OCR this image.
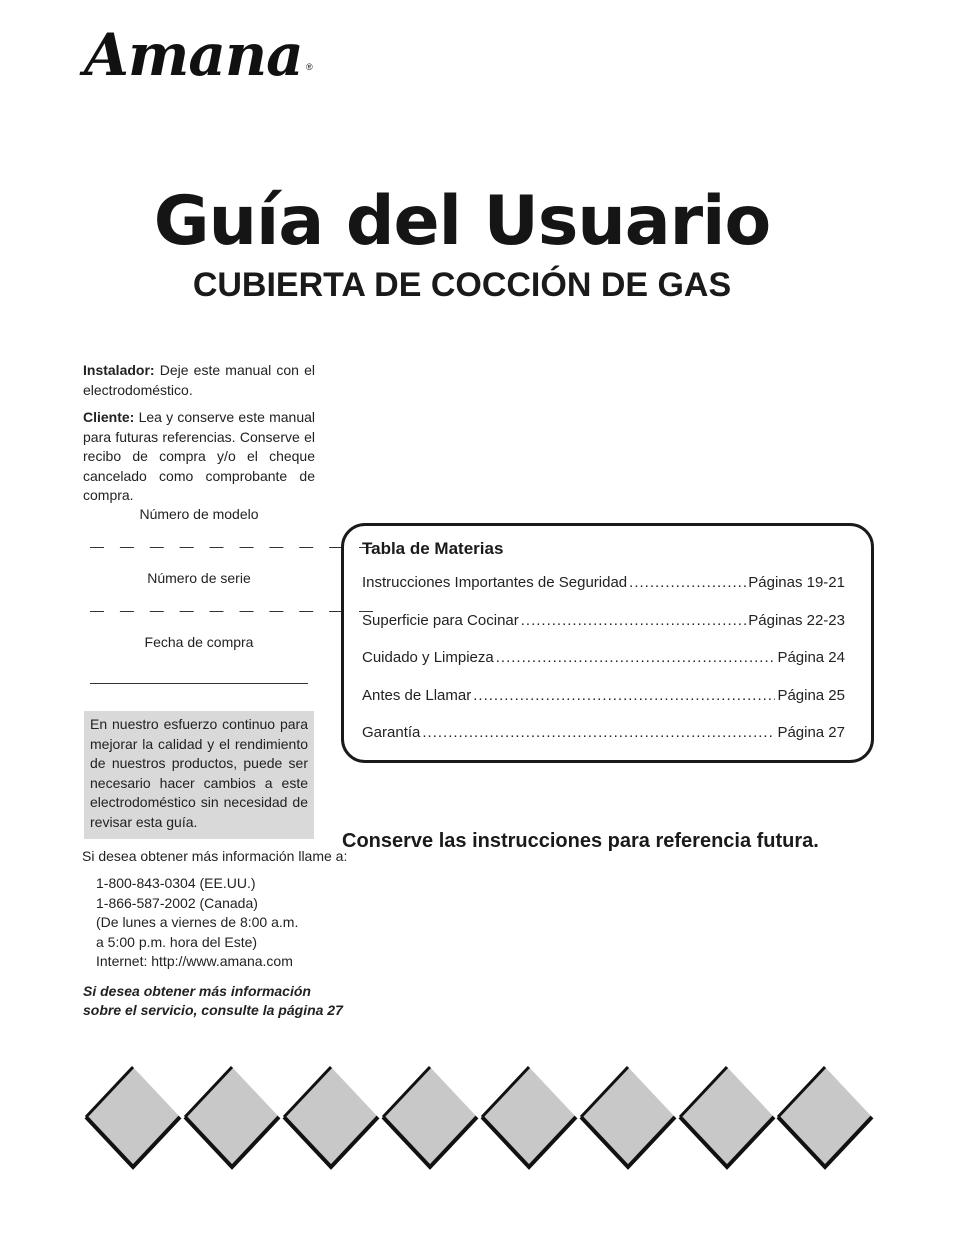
Amana ®
Guía del Usuario
CUBIERTA DE COCCIÓN DE GAS

Instalador: Deje este manual con el electrodoméstico.

Cliente: Lea y conserve este manual para futuras referencias. Conserve el recibo de compra y/o el cheque cancelado como comprobante de compra.

Número de modelo
— — — — — — — — — —
Número de serie
— — — — — — — — — —
Fecha de compra

En nuestro esfuerzo continuo para mejorar la calidad y el rendimiento de nuestros productos, puede ser necesario hacer cambios a este electrodoméstico sin necesidad de revisar esta guía.

Si desea obtener más información llame a:
1-800-843-0304 (EE.UU.)
1-866-587-2002 (Canada)
(De lunes a viernes de 8:00 a.m.
a 5:00 p.m. hora del Este)
Internet: http://www.amana.com
Si desea obtener más información sobre el servicio, consulte la página 27
Tabla de Materias
Instrucciones Importantes de Seguridad .....	Páginas 19-21
Superficie para Cocinar .....	Páginas 22-23
Cuidado y Limpieza .....	Página 24
Antes de Llamar .....	Página 25
Garantía .....	Página 27
Conserve las instrucciones para referencia futura.
